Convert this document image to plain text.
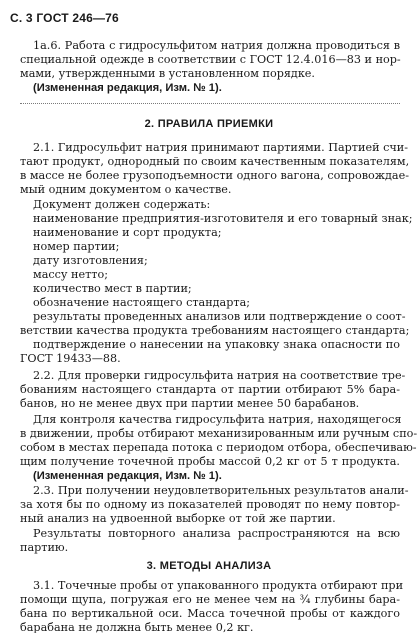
С. 3 ГОСТ 246—76
1а.6. Работа с гидросульфитом натрия должна проводиться в
специальной одежде в соответствии с ГОСТ 12.4.016—83 и нор-
мами, утвержденными в установленном порядке.
(Измененная редакция, Изм. № 1).
2. ПРАВИЛА ПРИЕМКИ
2.1. Гидросульфит натрия принимают партиями. Партией счи-
тают продукт, однородный по своим качественным показателям,
в массе не более грузоподъемности одного вагона, сопровождае-
мый одним документом о качестве.
Документ должен содержать:
наименование предприятия-изготовителя и его товарный знак;
наименование и сорт продукта;
номер партии;
дату изготовления;
массу нетто;
количество мест в партии;
обозначение настоящего стандарта;
результаты проведенных анализов или подтверждение о соот-
ветствии качества продукта требованиям настоящего стандарта;
подтверждение о нанесении на упаковку знака опасности по
ГОСТ 19433—88.
2.2. Для проверки гидросульфита натрия на соответствие тре-
бованиям настоящего стандарта от партии отбирают 5% бара-
банов, но не менее двух при партии менее 50 барабанов.
Для контроля качества гидросульфита натрия, находящегося
в движении, пробы отбирают механизированным или ручным спо-
собом в местах перепада потока с периодом отбора, обеспечиваю-
щим получение точечной пробы массой 0,2 кг от 5 т продукта.
(Измененная редакция, Изм. № 1).
2.3. При получении неудовлетворительных результатов анали-
за хотя бы по одному из показателей проводят по нему повтор-
ный анализ на удвоенной выборке от той же партии.
Результаты повторного анализа распространяются на всю
партию.
3. МЕТОДЫ АНАЛИЗА
3.1. Точечные пробы от упакованного продукта отбирают при
помощи щупа, погружая его не менее чем на ¾ глубины бара-
бана по вертикальной оси. Масса точечной пробы от каждого
барабана не должна быть менее 0,2 кг.
